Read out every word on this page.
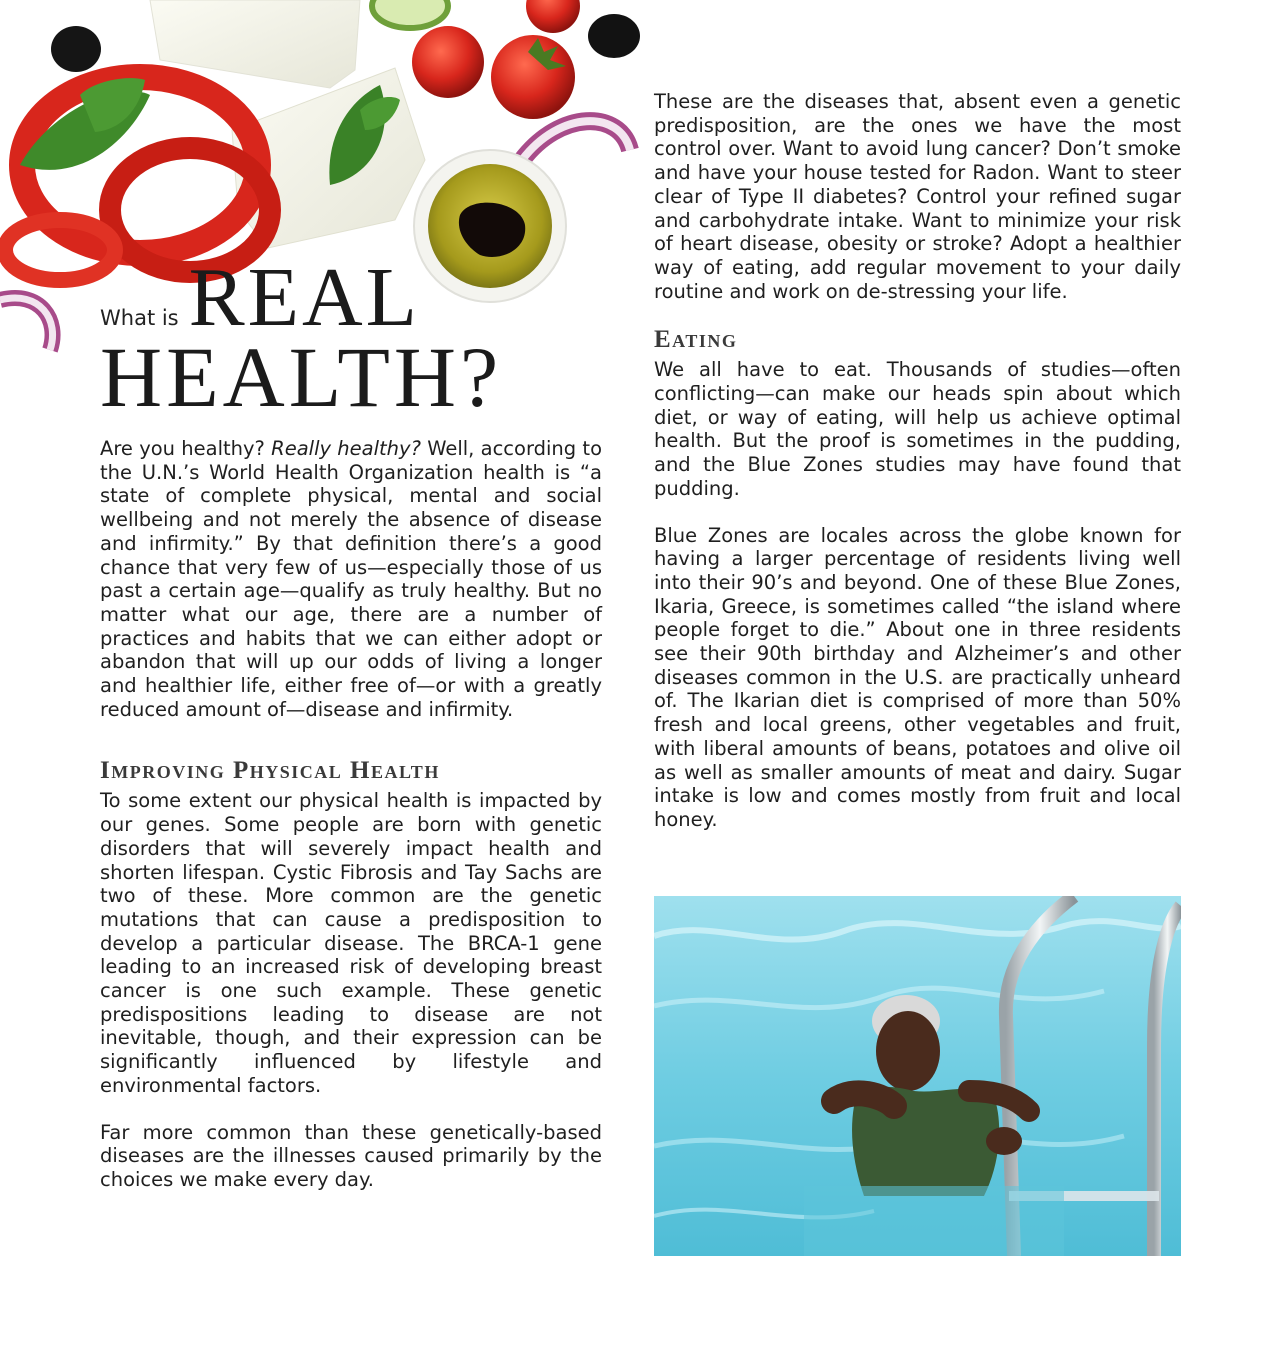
What is REAL
HEALTH?

Are you healthy? Really healthy? Well, according to the U.N.’s World Health Organization health is “a state of complete physical, mental and social wellbeing and not merely the absence of disease and infirmity.” By that definition there’s a good chance that very few of us—especially those of us past a certain age—qualify as truly healthy. But no matter what our age, there are a number of practices and habits that we can either adopt or abandon that will up our odds of living a longer and healthier life, either free of—or with a greatly reduced amount of—disease and infirmity.

Improving Physical Health

To some extent our physical health is impacted by our genes. Some people are born with genetic disorders that will severely impact health and shorten lifespan. Cystic Fibrosis and Tay Sachs are two of these. More common are the genetic mutations that can cause a predisposition to develop a particular disease. The BRCA-1 gene leading to an increased risk of developing breast cancer is one such example. These genetic predispositions leading to disease are not inevitable, though, and their expression can be significantly influenced by lifestyle and environmental factors.

Far more common than these genetically-based diseases are the illnesses caused primarily by the choices we make every day.

These are the diseases that, absent even a genetic predisposition, are the ones we have the most control over. Want to avoid lung cancer? Don’t smoke and have your house tested for Radon. Want to steer clear of Type II diabetes? Control your refined sugar and carbohydrate intake. Want to minimize your risk of heart disease, obesity or stroke? Adopt a healthier way of eating, add regular movement to your daily routine and work on de-stressing your life.

Eating

We all have to eat. Thousands of studies—often conflicting—can make our heads spin about which diet, or way of eating, will help us achieve optimal health. But the proof is sometimes in the pudding, and the Blue Zones studies may have found that pudding.

Blue Zones are locales across the globe known for having a larger percentage of residents living well into their 90’s and beyond. One of these Blue Zones, Ikaria, Greece, is sometimes called “the island where people forget to die.” About one in three residents see their 90th birthday and Alzheimer’s and other diseases common in the U.S. are practically unheard of. The Ikarian diet is comprised of more than 50% fresh and local greens, other vegetables and fruit, with liberal amounts of beans, potatoes and olive oil as well as smaller amounts of meat and dairy. Sugar intake is low and comes mostly from fruit and local honey.
